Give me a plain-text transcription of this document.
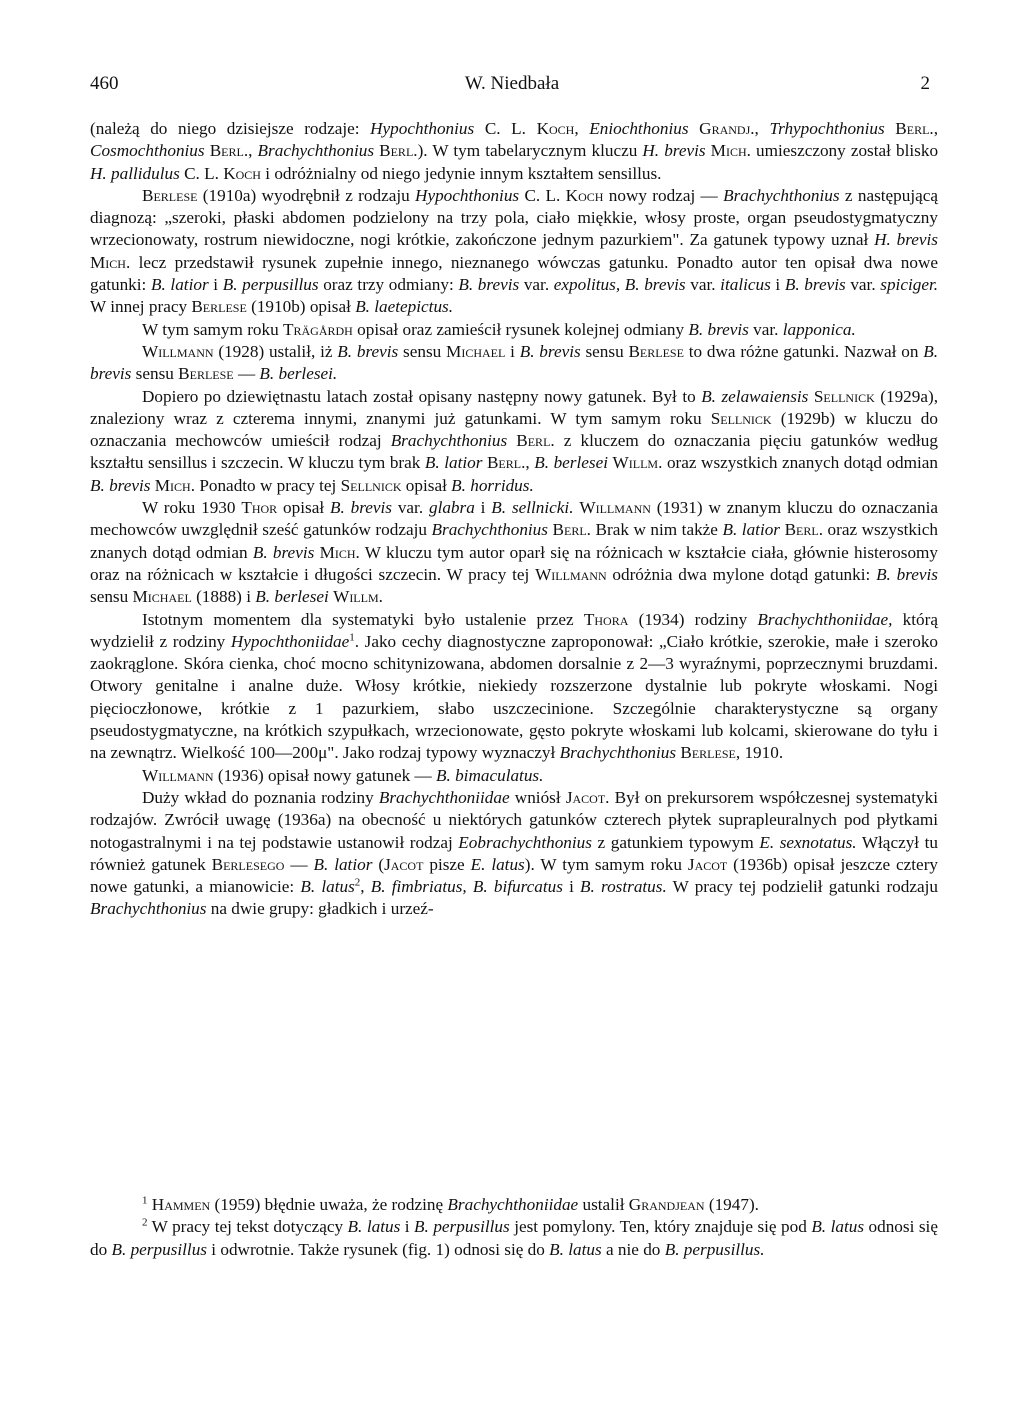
460	W. Niedbała	2

(należą do niego dzisiejsze rodzaje: Hypochthonius C. L. Koch, Eniochthonius Grandj., Trhypochthonius Berl., Cosmochthonius Berl., Brachychthonius Berl.). W tym tabelarycznym kluczu H. brevis Mich. umieszczony został blisko H. pallidulus C. L. Koch i odróżnialny od niego jedynie innym kształtem sensillus.

Berlese (1910a) wyodrębnił z rodzaju Hypochthonius C. L. Koch nowy rodzaj — Brachychthonius z następującą diagnozą: „szeroki, płaski abdomen podzielony na trzy pola, ciało miękkie, włosy proste, organ pseudostygmatyczny wrzecionowaty, rostrum niewidoczne, nogi krótkie, zakończone jednym pazurkiem". Za gatunek typowy uznał H. brevis Mich. lecz przedstawił rysunek zupełnie innego, nieznanego wówczas gatunku. Ponadto autor ten opisał dwa nowe gatunki: B. latior i B. perpusillus oraz trzy odmiany: B. brevis var. expolitus, B. brevis var. italicus i B. brevis var. spiciger. W innej pracy Berlese (1910b) opisał B. laetepictus.

W tym samym roku Trägårdh opisał oraz zamieścił rysunek kolejnej odmiany B. brevis var. lapponica.

Willmann (1928) ustalił, iż B. brevis sensu Michael i B. brevis sensu Berlese to dwa różne gatunki. Nazwał on B. brevis sensu Berlese — B. berlesei.

Dopiero po dziewiętnastu latach został opisany następny nowy gatunek. Był to B. zelawaiensis Sellnick (1929a), znaleziony wraz z czterema innymi, znanymi już gatunkami. W tym samym roku Sellnick (1929b) w kluczu do oznaczania mechowców umieścił rodzaj Brachychthonius Berl. z kluczem do oznaczania pięciu gatunków według kształtu sensillus i szczecin. W kluczu tym brak B. latior Berl., B. berlesei Willm. oraz wszystkich znanych dotąd odmian B. brevis Mich. Ponadto w pracy tej Sellnick opisał B. horridus.

W roku 1930 Thor opisał B. brevis var. glabra i B. sellnicki. Willmann (1931) w znanym kluczu do oznaczania mechowców uwzględnił sześć gatunków rodzaju Brachychthonius Berl. Brak w nim także B. latior Berl. oraz wszystkich znanych dotąd odmian B. brevis Mich. W kluczu tym autor oparł się na różnicach w kształcie ciała, głównie histerosomy oraz na różnicach w kształcie i długości szczecin. W pracy tej Willmann odróżnia dwa mylone dotąd gatunki: B. brevis sensu Michael (1888) i B. berlesei Willm.

Istotnym momentem dla systematyki było ustalenie przez Thora (1934) rodziny Brachychthoniidae, którą wydzielił z rodziny Hypochthoniidae$^1$. Jako cechy diagnostyczne zaproponował: „Ciało krótkie, szerokie, małe i szeroko zaokrąglone. Skóra cienka, choć mocno schitynizowana, abdomen dorsalnie z 2—3 wyraźnymi, poprzecznymi bruzdami. Otwory genitalne i analne duże. Włosy krótkie, niekiedy rozszerzone dystalnie lub pokryte włoskami. Nogi pięcioczłonowe, krótkie z 1 pazurkiem, słabo uszczecinione. Szczególnie charakterystyczne są organy pseudostygmatyczne, na krótkich szypułkach, wrzecionowate, gęsto pokryte włoskami lub kolcami, skierowane do tyłu i na zewnątrz. Wielkość 100—200μ". Jako rodzaj typowy wyznaczył Brachychthonius Berlese, 1910.

Willmann (1936) opisał nowy gatunek — B. bimaculatus.

Duży wkład do poznania rodziny Brachychthoniidae wniósł Jacot. Był on prekursorem współczesnej systematyki rodzajów. Zwrócił uwagę (1936a) na obecność u niektórych gatunków czterech płytek suprapleuralnych pod płytkami notogastralnymi i na tej podstawie ustanowił rodzaj Eobrachychthonius z gatunkiem typowym E. sexnotatus. Włączył tu również gatunek Berlesego — B. latior (Jacot pisze E. latus). W tym samym roku Jacot (1936b) opisał jeszcze cztery nowe gatunki, a mianowicie: B. latus$^2$, B. fimbriatus, B. bifurcatus i B. rostratus. W pracy tej podzielił gatunki rodzaju Brachychthonius na dwie grupy: gładkich i urzeź-

$^1$ Hammen (1959) błędnie uważa, że rodzinę Brachychthoniidae ustalił Grandjean (1947).

$^2$ W pracy tej tekst dotyczący B. latus i B. perpusillus jest pomylony. Ten, który znajduje się pod B. latus odnosi się do B. perpusillus i odwrotnie. Także rysunek (fig. 1) odnosi się do B. latus a nie do B. perpusillus.
